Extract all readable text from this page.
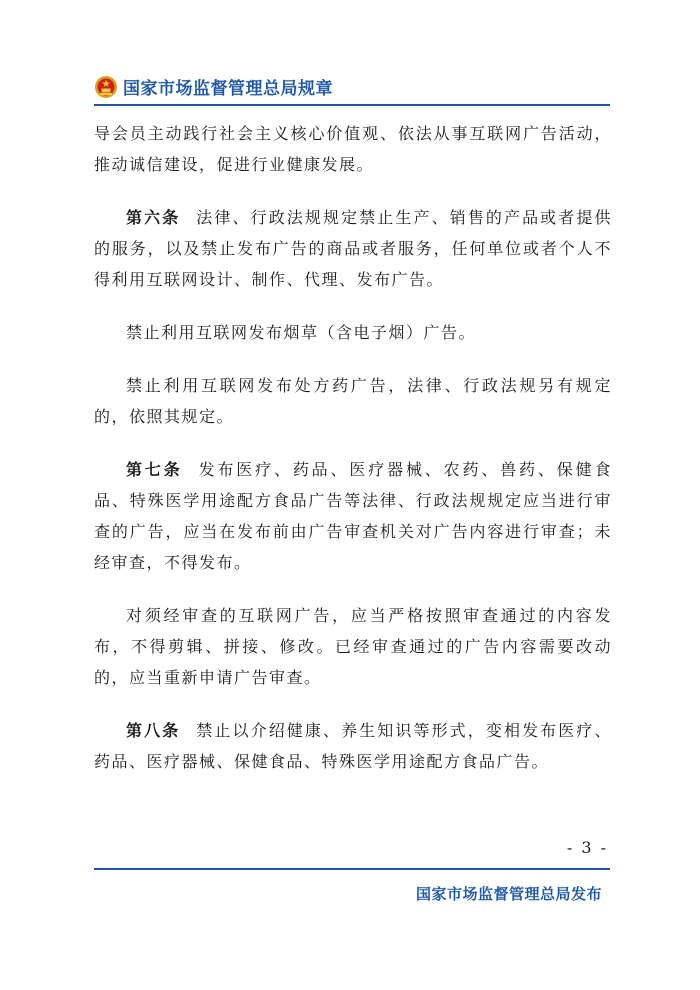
国家市场监督管理总局规章

导会员主动践行社会主义核心价值观、依法从事互联网广告活动，推动诚信建设，促进行业健康发展。

第六条 法律、行政法规规定禁止生产、销售的产品或者提供的服务，以及禁止发布广告的商品或者服务，任何单位或者个人不得利用互联网设计、制作、代理、发布广告。

禁止利用互联网发布烟草（含电子烟）广告。

禁止利用互联网发布处方药广告，法律、行政法规另有规定的，依照其规定。

第七条 发布医疗、药品、医疗器械、农药、兽药、保健食品、特殊医学用途配方食品广告等法律、行政法规规定应当进行审查的广告，应当在发布前由广告审查机关对广告内容进行审查；未经审查，不得发布。

对须经审查的互联网广告，应当严格按照审查通过的内容发布，不得剪辑、拼接、修改。已经审查通过的广告内容需要改动的，应当重新申请广告审查。

第八条 禁止以介绍健康、养生知识等形式，变相发布医疗、药品、医疗器械、保健食品、特殊医学用途配方食品广告。

- 3 -
国家市场监督管理总局发布
